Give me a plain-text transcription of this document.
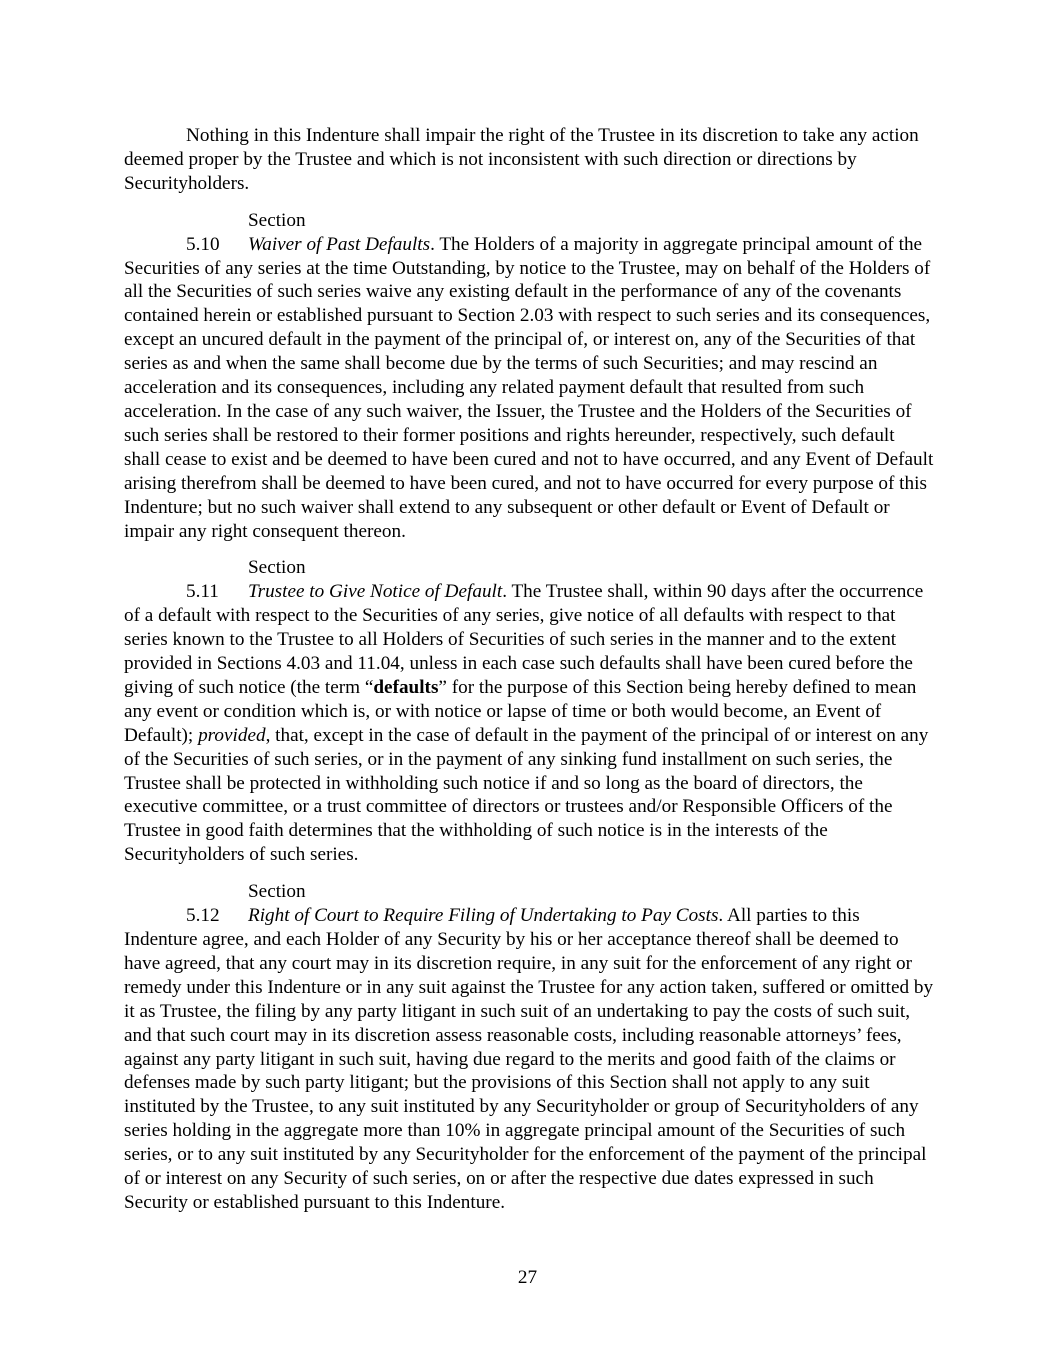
Nothing in this Indenture shall impair the right of the Trustee in its discretion to take any action deemed proper by the Trustee and which is not inconsistent with such direction or directions by Securityholders.

Section 5.10 Waiver of Past Defaults. The Holders of a majority in aggregate principal amount of the Securities of any series at the time Outstanding, by notice to the Trustee, may on behalf of the Holders of all the Securities of such series waive any existing default in the performance of any of the covenants contained herein or established pursuant to Section 2.03 with respect to such series and its consequences, except an uncured default in the payment of the principal of, or interest on, any of the Securities of that series as and when the same shall become due by the terms of such Securities; and may rescind an acceleration and its consequences, including any related payment default that resulted from such acceleration. In the case of any such waiver, the Issuer, the Trustee and the Holders of the Securities of such series shall be restored to their former positions and rights hereunder, respectively, such default shall cease to exist and be deemed to have been cured and not to have occurred, and any Event of Default arising therefrom shall be deemed to have been cured, and not to have occurred for every purpose of this Indenture; but no such waiver shall extend to any subsequent or other default or Event of Default or impair any right consequent thereon.

Section 5.11 Trustee to Give Notice of Default. The Trustee shall, within 90 days after the occurrence of a default with respect to the Securities of any series, give notice of all defaults with respect to that series known to the Trustee to all Holders of Securities of such series in the manner and to the extent provided in Sections 4.03 and 11.04, unless in each case such defaults shall have been cured before the giving of such notice (the term “defaults” for the purpose of this Section being hereby defined to mean any event or condition which is, or with notice or lapse of time or both would become, an Event of Default); provided, that, except in the case of default in the payment of the principal of or interest on any of the Securities of such series, or in the payment of any sinking fund installment on such series, the Trustee shall be protected in withholding such notice if and so long as the board of directors, the executive committee, or a trust committee of directors or trustees and/or Responsible Officers of the Trustee in good faith determines that the withholding of such notice is in the interests of the Securityholders of such series.

Section 5.12 Right of Court to Require Filing of Undertaking to Pay Costs. All parties to this Indenture agree, and each Holder of any Security by his or her acceptance thereof shall be deemed to have agreed, that any court may in its discretion require, in any suit for the enforcement of any right or remedy under this Indenture or in any suit against the Trustee for any action taken, suffered or omitted by it as Trustee, the filing by any party litigant in such suit of an undertaking to pay the costs of such suit, and that such court may in its discretion assess reasonable costs, including reasonable attorneys’ fees, against any party litigant in such suit, having due regard to the merits and good faith of the claims or defenses made by such party litigant; but the provisions of this Section shall not apply to any suit instituted by the Trustee, to any suit instituted by any Securityholder or group of Securityholders of any series holding in the aggregate more than 10% in aggregate principal amount of the Securities of such series, or to any suit instituted by any Securityholder for the enforcement of the payment of the principal of or interest on any Security of such series, on or after the respective due dates expressed in such Security or established pursuant to this Indenture.

27
